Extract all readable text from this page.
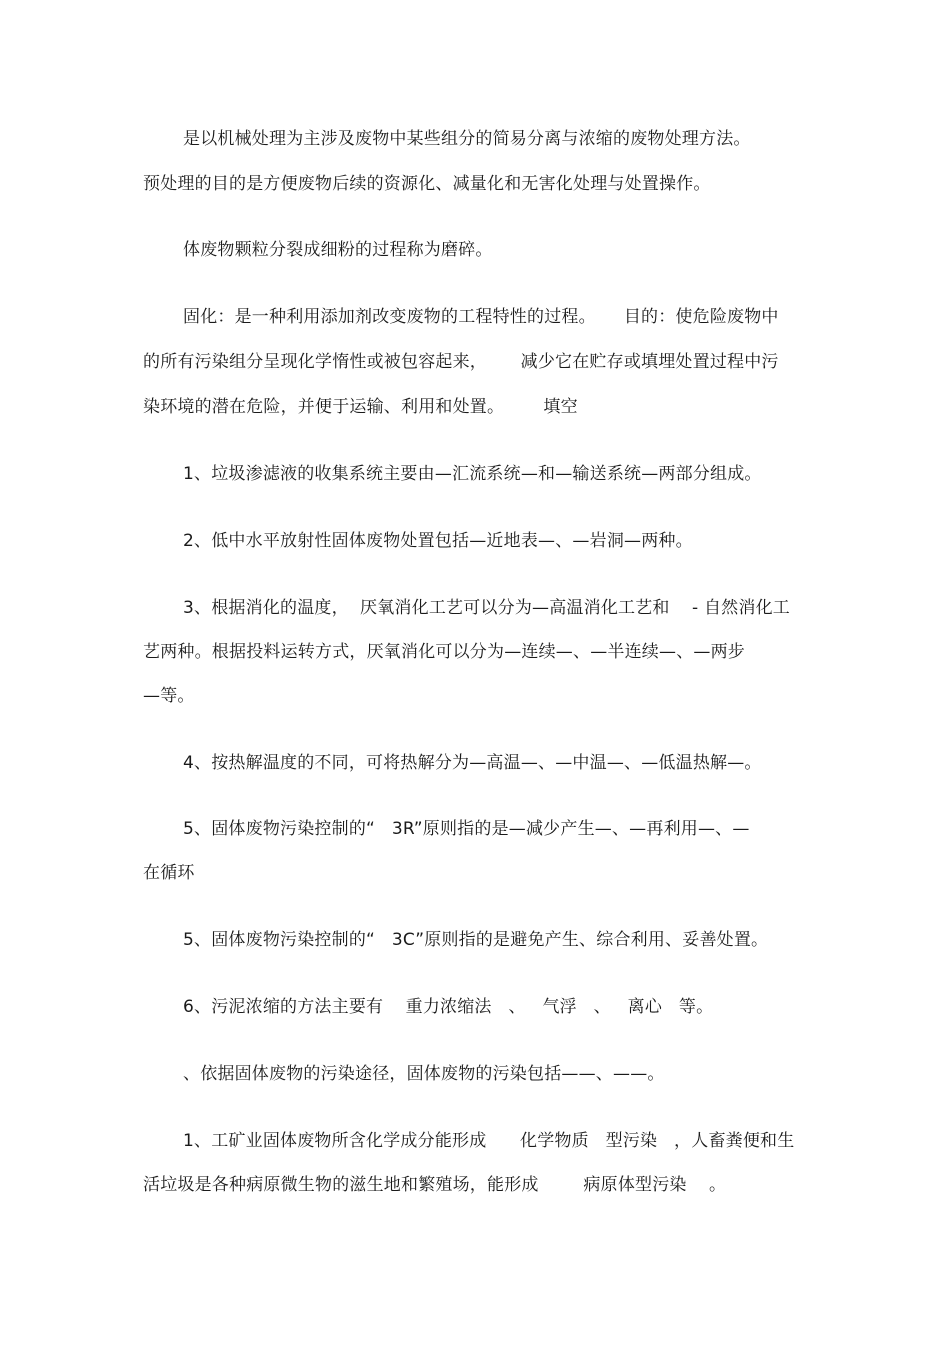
是以机械处理为主涉及废物中某些组分的简易分离与浓缩的废物处理方法。
预处理的目的是方便废物后续的资源化、减量化和无害化处理与处置操作。
体废物颗粒分裂成细粉的过程称为磨碎。
固化：是一种利用添加剂改变废物的工程特性的过程。     目的：使危险废物中
的所有污染组分呈现化学惰性或被包容起来，      减少它在贮存或填埋处置过程中污
染环境的潜在危险，并便于运输、利用和处置。       填空
1、垃圾渗滤液的收集系统主要由—汇流系统—和—输送系统—两部分组成。
2、低中水平放射性固体废物处置包括—近地表—、—岩洞—两种。
3、根据消化的温度，  厌氧消化工艺可以分为—高温消化工艺和    - 自然消化工
艺两种。根据投料运转方式，厌氧消化可以分为—连续—、—半连续—、—两步
—等。
4、按热解温度的不同，可将热解分为—高温—、—中温—、—低温热解—。
5、固体废物污染控制的“   3R”原则指的是—减少产生—、—再利用—、—
在循环
5、固体废物污染控制的“   3C”原则指的是避免产生、综合利用、妥善处置。
6、污泥浓缩的方法主要有    重力浓缩法   、   气浮   、   离心   等。
、依据固体废物的污染途径，固体废物的污染包括——、——。
1、工矿业固体废物所含化学成分能形成      化学物质   型污染   ，人畜粪便和生
活垃圾是各种病原微生物的滋生地和繁殖场，能形成        病原体型污染    。
